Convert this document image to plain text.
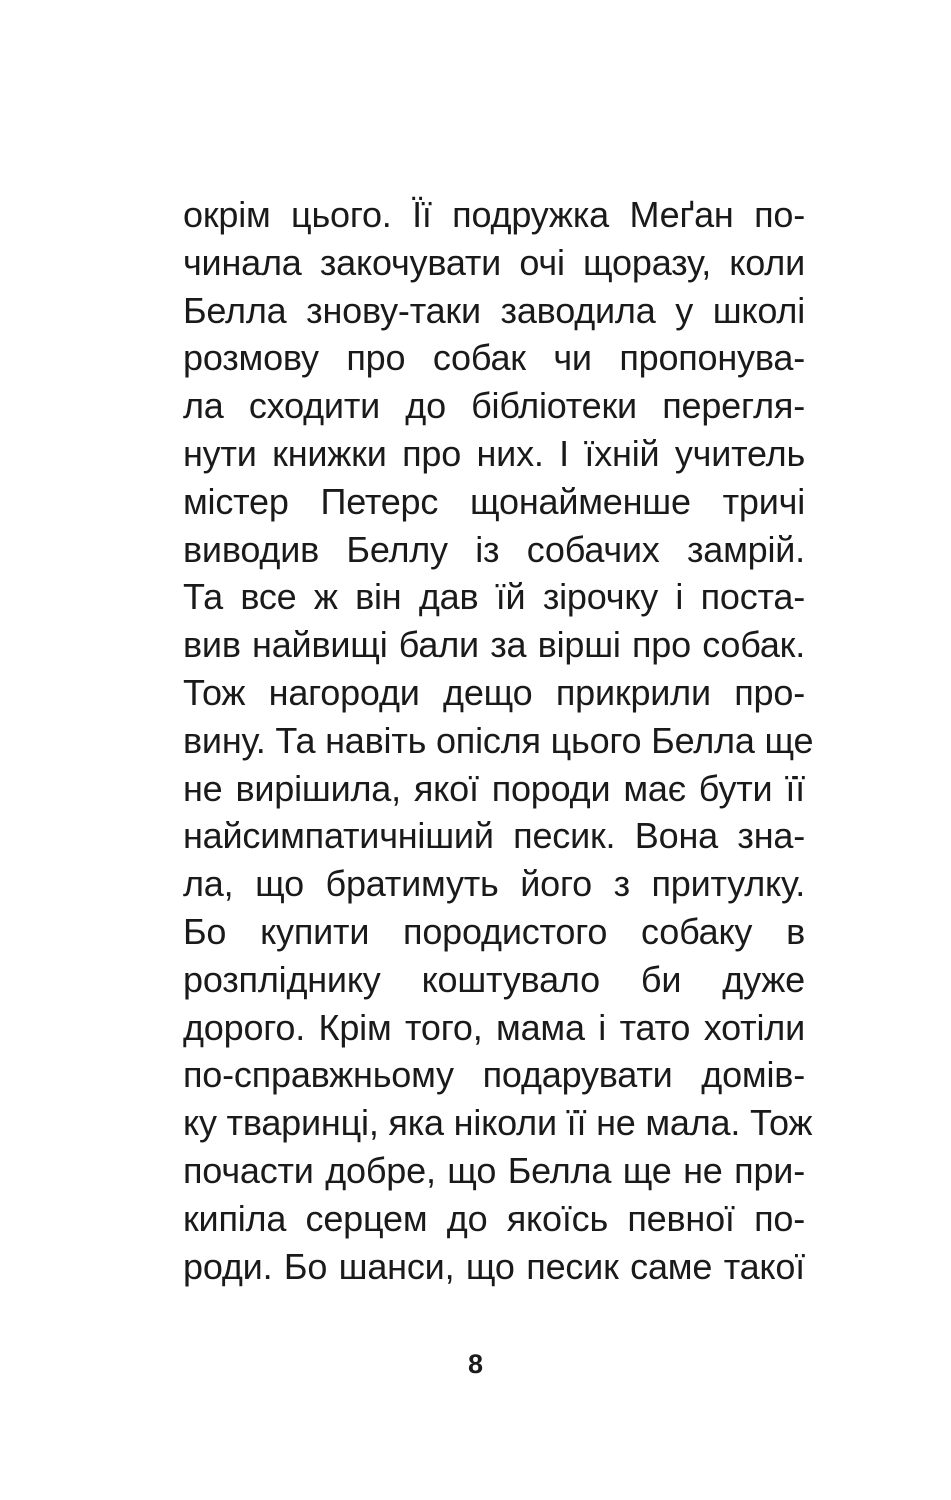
окрім цього. Її подружка Меґан по-
чинала закочувати очі щоразу, коли
Белла знову-таки заводила у школі
розмову про собак чи пропонува-
ла сходити до бібліотеки перегля-
нути книжки про них. І їхній учитель
містер Петерс щонайменше тричі
виводив Беллу із собачих замрій.
Та все ж він дав їй зірочку і поста-
вив найвищі бали за вірші про собак.
Тож нагороди дещо прикрили про-
вину. Та навіть опісля цього Белла ще
не вирішила, якої породи має бути її
найсимпатичніший песик. Вона зна-
ла, що братимуть його з притулку.
Бо купити породистого собаку в
розпліднику коштувало би дуже
дорого. Крім того, мама і тато хотіли
по-справжньому подарувати домів-
ку тваринці, яка ніколи її не мала. Тож
почасти добре, що Белла ще не при-
кипіла серцем до якоїсь певної по-
роди. Бо шанси, що песик саме такої
8
